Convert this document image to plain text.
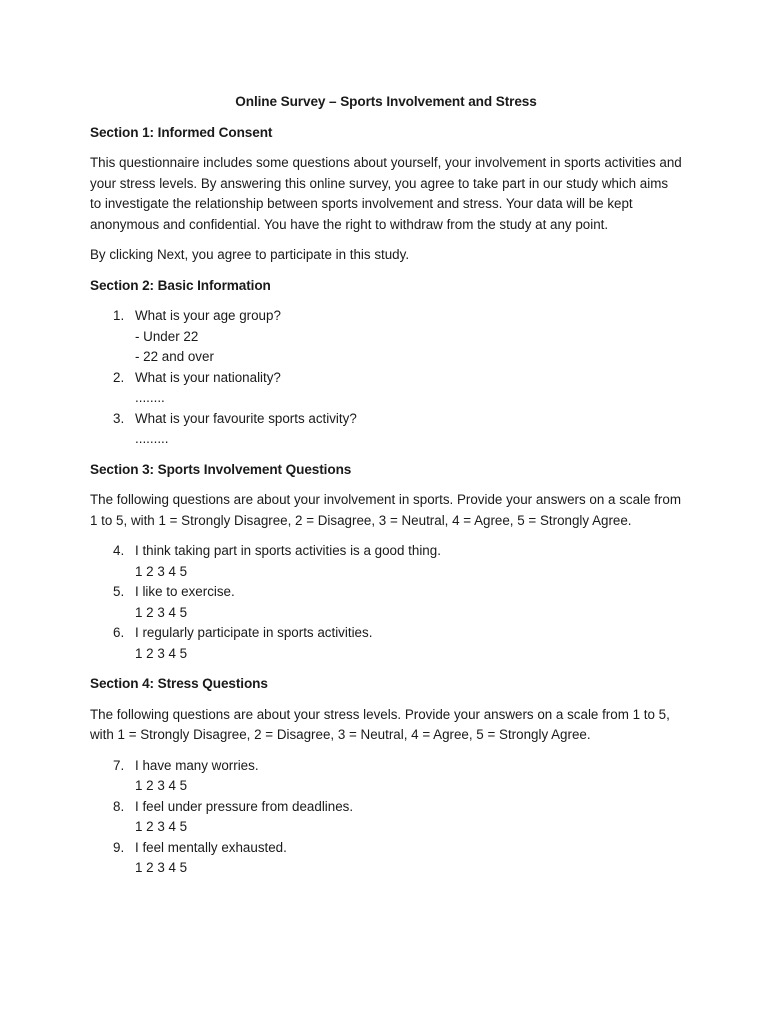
Online Survey – Sports Involvement and Stress
Section 1: Informed Consent

This questionnaire includes some questions about yourself, your involvement in sports activities and your stress levels. By answering this online survey, you agree to take part in our study which aims to investigate the relationship between sports involvement and stress. Your data will be kept anonymous and confidential. You have the right to withdraw from the study at any point.

By clicking Next, you agree to participate in this study.

Section 2: Basic Information
1. What is your age group?
- Under 22
- 22 and over
2. What is your nationality?
........
3. What is your favourite sports activity?
.........
Section 3: Sports Involvement Questions

The following questions are about your involvement in sports. Provide your answers on a scale from 1 to 5, with 1 = Strongly Disagree, 2 = Disagree, 3 = Neutral, 4 = Agree, 5 = Strongly Agree.

4. I think taking part in sports activities is a good thing.
1 2 3 4 5
5. I like to exercise.
1 2 3 4 5
6. I regularly participate in sports activities.
1 2 3 4 5
Section 4: Stress Questions

The following questions are about your stress levels. Provide your answers on a scale from 1 to 5, with 1 = Strongly Disagree, 2 = Disagree, 3 = Neutral, 4 = Agree, 5 = Strongly Agree.

7. I have many worries.
1 2 3 4 5
8. I feel under pressure from deadlines.
1 2 3 4 5
9. I feel mentally exhausted.
1 2 3 4 5
